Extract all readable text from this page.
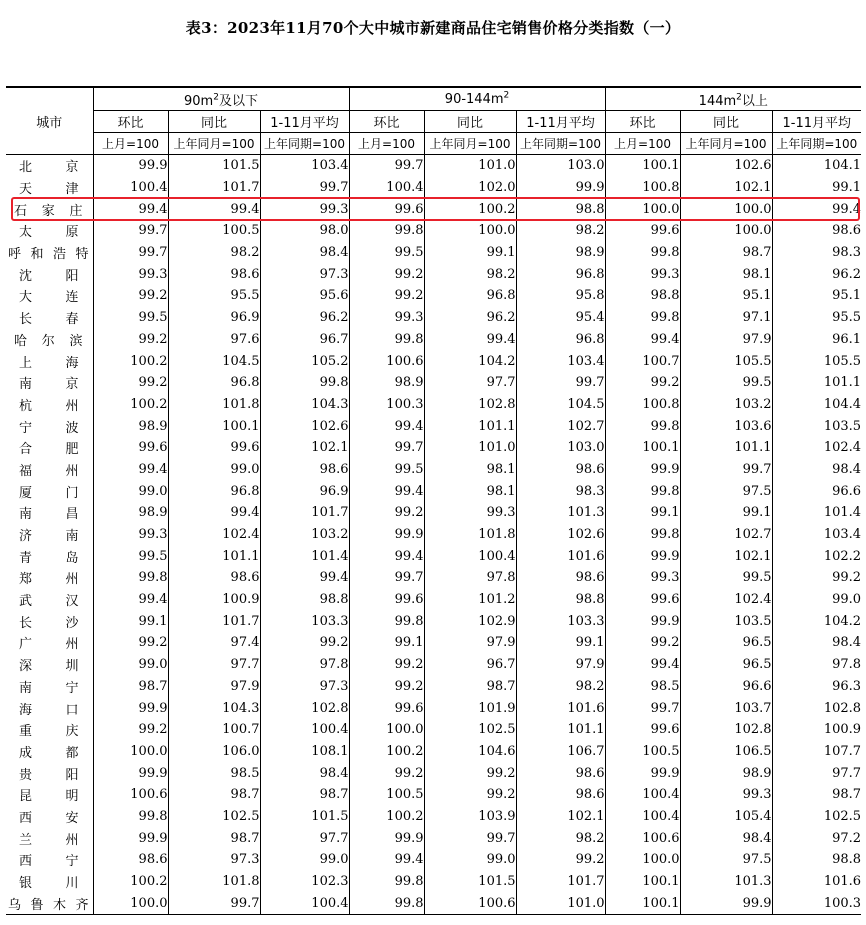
表3：2023年11月70个大中城市新建商品住宅销售价格分类指数（一）
城市	$90m^2$及以下			$90-144m^2$			$144m^2$以上		
	环比	同比	1-11月平均	环比	同比	1-11月平均	环比	同比	1-11月平均
	上月=100	上年同月=100	上年同期=100	上月=100	上年同月=100	上年同期=100	上月=100	上年同月=100	上年同期=100
北京	99.9	101.5	103.4	99.7	101.0	103.0	100.1	102.6	104.1
天津	100.4	101.7	99.7	100.4	102.0	99.9	100.8	102.1	99.1
石家庄	99.4	99.4	99.3	99.6	100.2	98.8	100.0	100.0	99.4
太原	99.7	100.5	98.0	99.8	100.0	98.2	99.6	100.0	98.6
呼和浩特	99.7	98.2	98.4	99.5	99.1	98.9	99.8	98.7	98.3
沈阳	99.3	98.6	97.3	99.2	98.2	96.8	99.3	98.1	96.2
大连	99.2	95.5	95.6	99.2	96.8	95.8	98.8	95.1	95.1
长春	99.5	96.9	96.2	99.3	96.2	95.4	99.8	97.1	95.5
哈尔滨	99.2	97.6	96.7	99.8	99.4	96.8	99.4	97.9	96.1
上海	100.2	104.5	105.2	100.6	104.2	103.4	100.7	105.5	105.5
南京	99.2	96.8	99.8	98.9	97.7	99.7	99.2	99.5	101.1
杭州	100.2	101.8	104.3	100.3	102.8	104.5	100.8	103.2	104.4
宁波	98.9	100.1	102.6	99.4	101.1	102.7	99.8	103.6	103.5
合肥	99.6	99.6	102.1	99.7	101.0	103.0	100.1	101.1	102.4
福州	99.4	99.0	98.6	99.5	98.1	98.6	99.9	99.7	98.4
厦门	99.0	96.8	96.9	99.4	98.1	98.3	99.8	97.5	96.6
南昌	98.9	99.4	101.7	99.2	99.3	101.3	99.1	99.1	101.4
济南	99.3	102.4	103.2	99.9	101.8	102.6	99.8	102.7	103.4
青岛	99.5	101.1	101.4	99.4	100.4	101.6	99.9	102.1	102.2
郑州	99.8	98.6	99.4	99.7	97.8	98.6	99.3	99.5	99.2
武汉	99.4	100.9	98.8	99.6	101.2	98.8	99.6	102.4	99.0
长沙	99.1	101.7	103.3	99.8	102.9	103.3	99.9	103.5	104.2
广州	99.2	97.4	99.2	99.1	97.9	99.1	99.2	96.5	98.4
深圳	99.0	97.7	97.8	99.2	96.7	97.9	99.4	96.5	97.8
南宁	98.7	97.9	97.3	99.2	98.7	98.2	98.5	96.6	96.3
海口	99.9	104.3	102.8	99.6	101.9	101.6	99.7	103.7	102.8
重庆	99.2	100.7	100.4	100.0	102.5	101.1	99.6	102.8	100.9
成都	100.0	106.0	108.1	100.2	104.6	106.7	100.5	106.5	107.7
贵阳	99.9	98.5	98.4	99.2	99.2	98.6	99.9	98.9	97.7
昆明	100.6	98.7	98.7	100.5	99.2	98.6	100.4	99.3	98.7
西安	99.8	102.5	101.5	100.2	103.9	102.1	100.4	105.4	102.5
兰州	99.9	98.7	97.7	99.9	99.7	98.2	100.6	98.4	97.2
西宁	98.6	97.3	99.0	99.4	99.0	99.2	100.0	97.5	98.8
银川	100.2	101.8	102.3	99.8	101.5	101.7	100.1	101.3	101.6
乌鲁木齐	100.0	99.7	100.4	99.8	100.6	101.0	100.1	99.9	100.3
